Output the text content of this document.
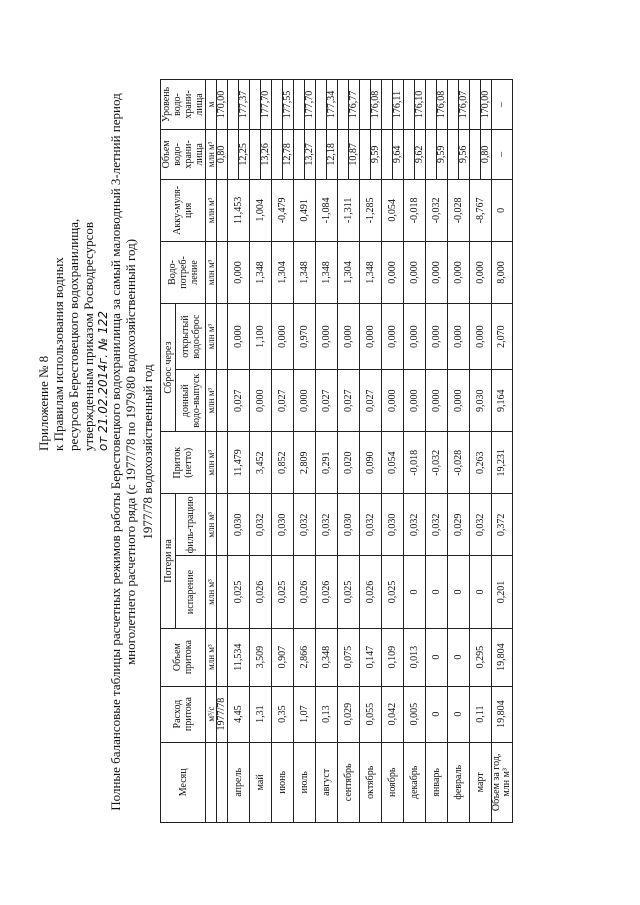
Приложение № 8 к Правилам использования водных ресурсов Берестовецкого водохранилища, утвержденным приказом Росводресурсов от 21.02.2014г. № 122
Полные балансовые таблицы расчетных режимов работы Берестовецкого водохранилища за самый маловодный 3-летний период многолетнего расчетного ряда (с 1977/78 по 1979/80 водохозяйственный год) 1977/78 водохозяйственный год
Месяц	Расход притока	Объем притока	Потери на		Приток (нетто)	Сброс через		Водо-потреб-ление	Акку-муля-ция	Объем водо-храни-лища	Уровень водо-храни-лища
			испарение	филь-трацию		донный водо-выпуск	открытый водосброс				
	м³/с	млн м³	млн м³	млн м³	млн м³	млн м³	млн м³	млн м³	млн м³	млн м³	м
	1977/78									0,80	170,00
апрель	4,45	11,534	0,025	0,030	11,479	0,027	0,000	0,000	11,453		
										12,25	177,37
май	1,31	3,509	0,026	0,032	3,452	0,000	1,100	1,348	1,004		
										13,26	177,70
июнь	0,35	0,907	0,025	0,030	0,852	0,027	0,000	1,304	-0,479		
										12,78	177,55
июль	1,07	2,866	0,026	0,032	2,809	0,000	0,970	1,348	0,491		
										13,27	177,70
август	0,13	0,348	0,026	0,032	0,291	0,027	0,000	1,348	-1,084		
										12,18	177,34
сентябрь	0,029	0,075	0,025	0,030	0,020	0,027	0,000	1,304	-1,311		
										10,87	176,77
октябрь	0,055	0,147	0,026	0,032	0,090	0,027	0,000	1,348	-1,285		
										9,59	176,08
ноябрь	0,042	0,109	0,025	0,030	0,054	0,000	0,000	0,000	0,054		
										9,64	176,11
декабрь	0,005	0,013	0	0,032	-0,018	0,000	0,000	0,000	-0,018		
										9,62	176,10
январь	0	0	0	0,032	-0,032	0,000	0,000	0,000	-0,032		
										9,59	176,08
февраль	0	0	0	0,029	-0,028	0,000	0,000	0,000	-0,028		
										9,56	176,07
март	0,11	0,295	0	0,032	0,263	9,030	0,000	0,000	-8,767		
										0,80	170,00
Объем за год, млн м³	19,804	19,804	0,201	0,372	19,231	9,164	2,070	8,000	0	–	–
